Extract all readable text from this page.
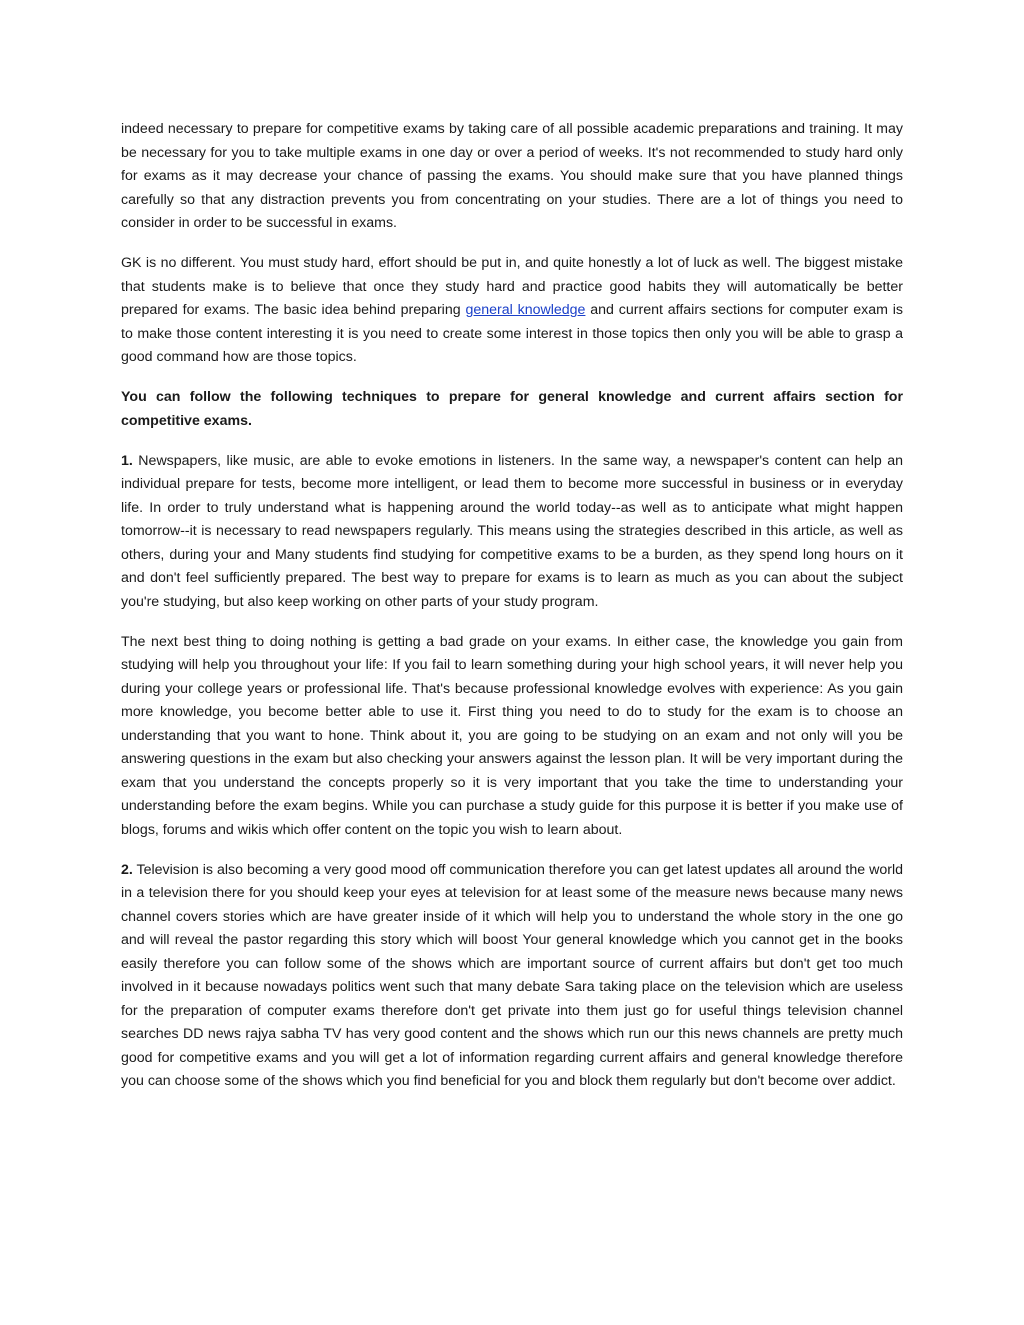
indeed necessary to prepare for competitive exams by taking care of all possible academic preparations and training. It may be necessary for you to take multiple exams in one day or over a period of weeks. It's not recommended to study hard only for exams as it may decrease your chance of passing the exams. You should make sure that you have planned things carefully so that any distraction prevents you from concentrating on your studies. There are a lot of things you need to consider in order to be successful in exams.

GK is no different. You must study hard, effort should be put in, and quite honestly a lot of luck as well. The biggest mistake that students make is to believe that once they study hard and practice good habits they will automatically be better prepared for exams. The basic idea behind preparing general knowledge and current affairs sections for computer exam is to make those content interesting it is you need to create some interest in those topics then only you will be able to grasp a good command how are those topics.

You can follow the following techniques to prepare for general knowledge and current affairs section for competitive exams.

1. Newspapers, like music, are able to evoke emotions in listeners. In the same way, a newspaper's content can help an individual prepare for tests, become more intelligent, or lead them to become more successful in business or in everyday life. In order to truly understand what is happening around the world today--as well as to anticipate what might happen tomorrow--it is necessary to read newspapers regularly. This means using the strategies described in this article, as well as others, during your and Many students find studying for competitive exams to be a burden, as they spend long hours on it and don't feel sufficiently prepared. The best way to prepare for exams is to learn as much as you can about the subject you're studying, but also keep working on other parts of your study program.

The next best thing to doing nothing is getting a bad grade on your exams. In either case, the knowledge you gain from studying will help you throughout your life: If you fail to learn something during your high school years, it will never help you during your college years or professional life. That's because professional knowledge evolves with experience: As you gain more knowledge, you become better able to use it. First thing you need to do to study for the exam is to choose an understanding that you want to hone. Think about it, you are going to be studying on an exam and not only will you be answering questions in the exam but also checking your answers against the lesson plan. It will be very important during the exam that you understand the concepts properly so it is very important that you take the time to understanding your understanding before the exam begins. While you can purchase a study guide for this purpose it is better if you make use of blogs, forums and wikis which offer content on the topic you wish to learn about.

2. Television is also becoming a very good mood off communication therefore you can get latest updates all around the world in a television there for you should keep your eyes at television for at least some of the measure news because many news channel covers stories which are have greater inside of it which will help you to understand the whole story in the one go and will reveal the pastor regarding this story which will boost Your general knowledge which you cannot get in the books easily therefore you can follow some of the shows which are important source of current affairs but don't get too much involved in it because nowadays politics went such that many debate Sara taking place on the television which are useless for the preparation of computer exams therefore don't get private into them just go for useful things television channel searches DD news rajya sabha TV has very good content and the shows which run our this news channels are pretty much good for competitive exams and you will get a lot of information regarding current affairs and general knowledge therefore you can choose some of the shows which you find beneficial for you and block them regularly but don't become over addict.
